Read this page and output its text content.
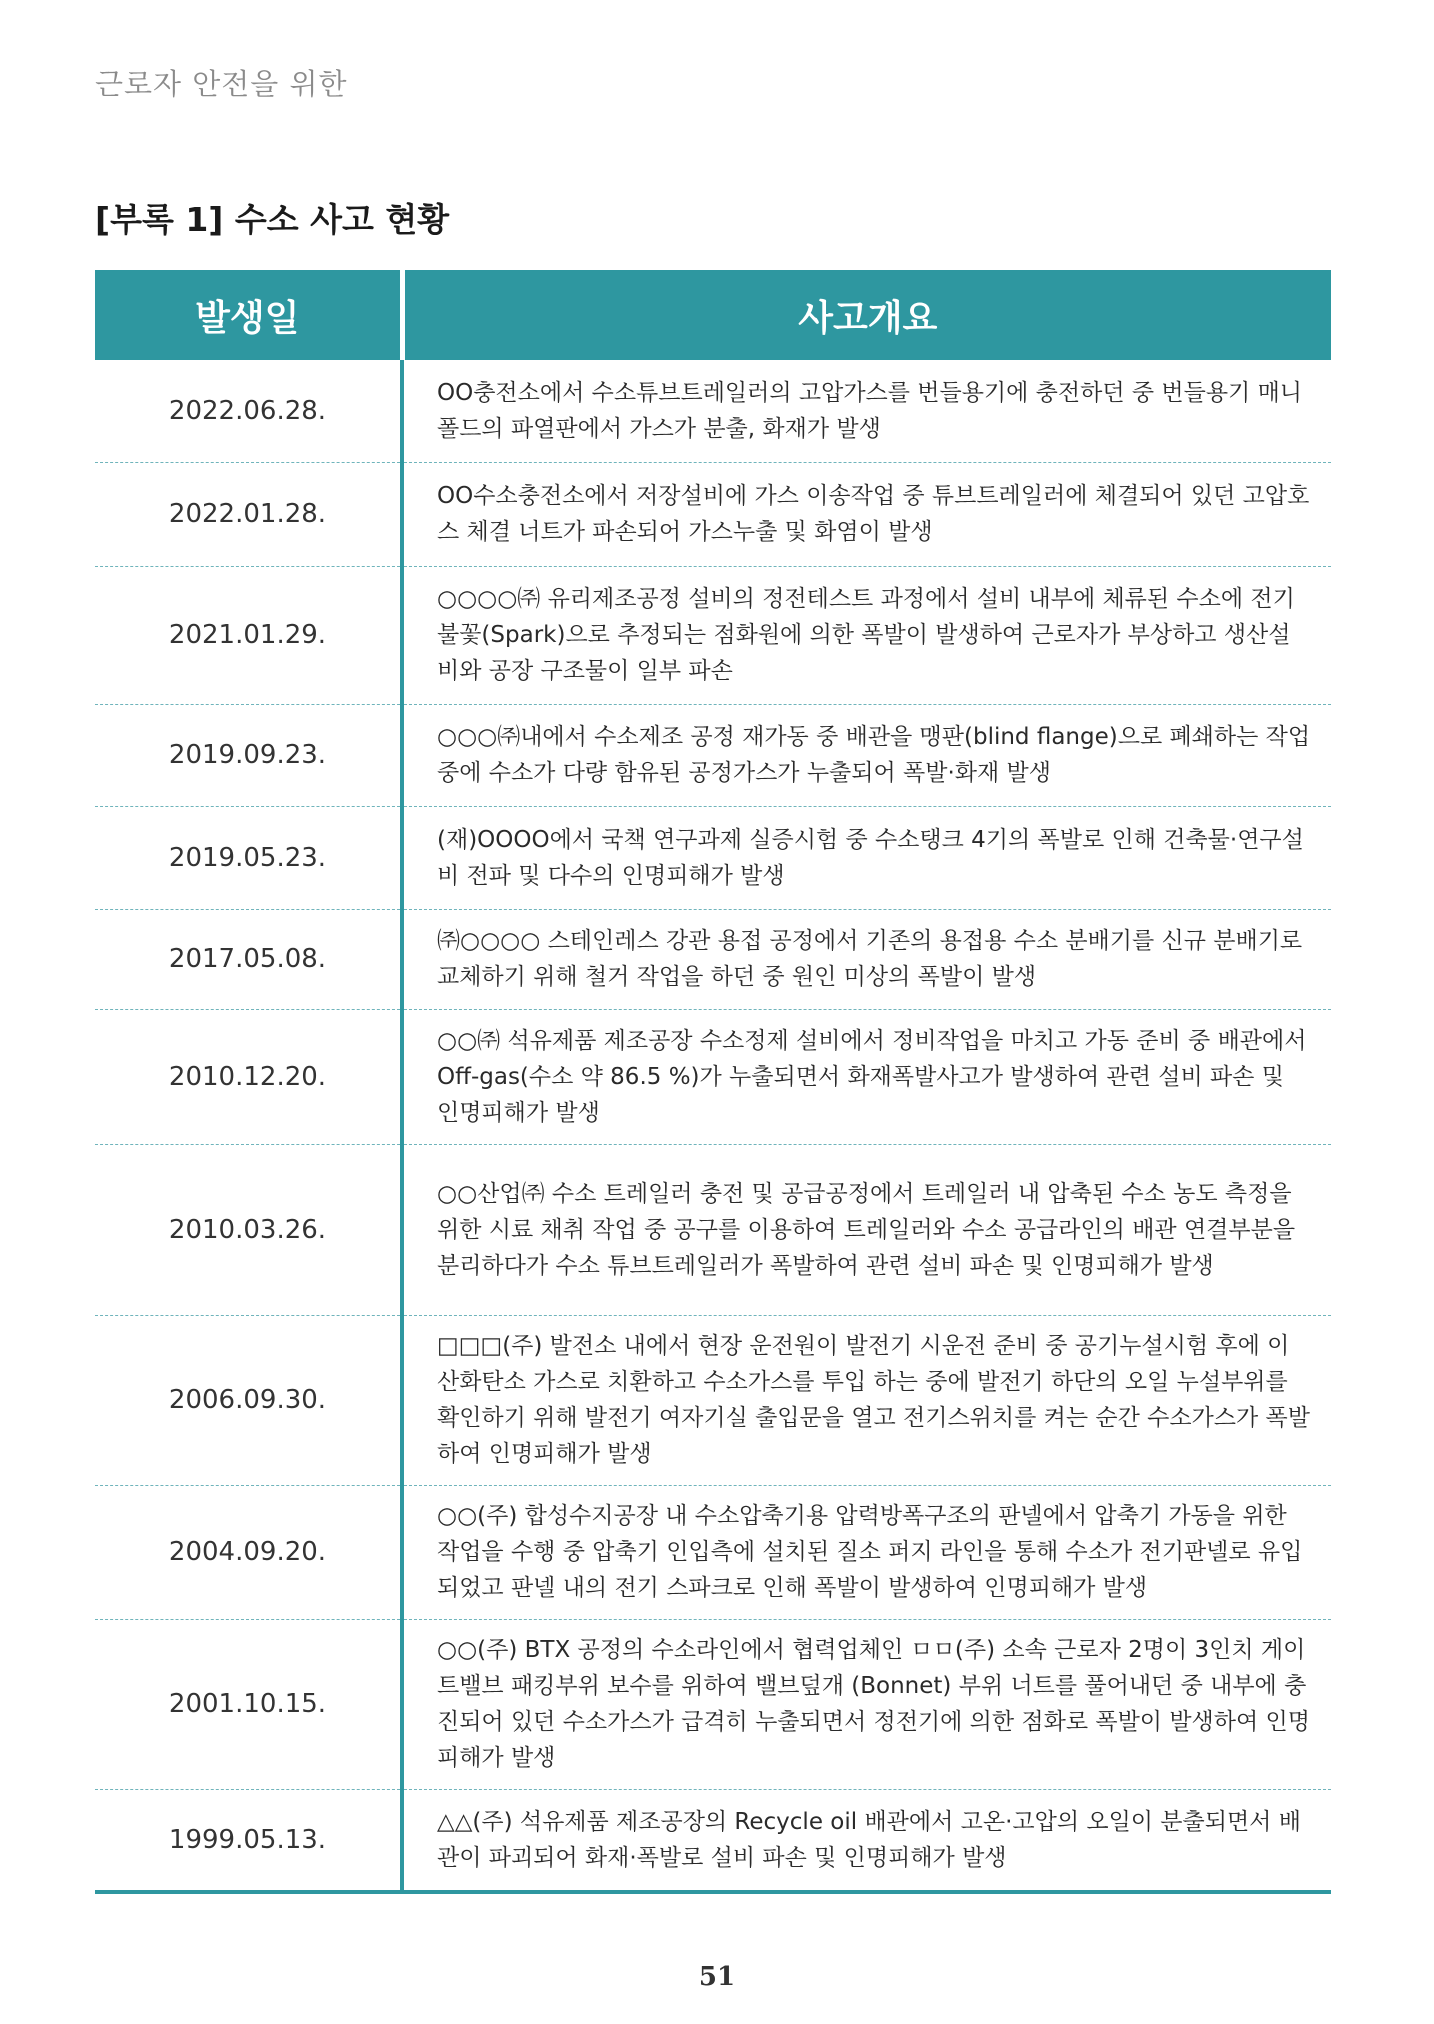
근로자 안전을 위한
[부록 1] 수소 사고 현황
발생일	사고개요
2022.06.28.	OO충전소에서 수소튜브트레일러의 고압가스를 번들용기에 충전하던 중 번들용기 매니폴드의 파열판에서 가스가 분출, 화재가 발생
2022.01.28.	OO수소충전소에서 저장설비에 가스 이송작업 중 튜브트레일러에 체결되어 있던 고압호스 체결 너트가 파손되어 가스누출 및 화염이 발생
2021.01.29.	○○○○㈜ 유리제조공정 설비의 정전테스트 과정에서 설비 내부에 체류된 수소에 전기 불꽃(Spark)으로 추정되는 점화원에 의한 폭발이 발생하여 근로자가 부상하고 생산설비와 공장 구조물이 일부 파손
2019.09.23.	○○○㈜내에서 수소제조 공정 재가동 중 배관을 맹판(blind flange)으로 폐쇄하는 작업 중에 수소가 다량 함유된 공정가스가 누출되어 폭발·화재 발생
2019.05.23.	(재)OOOO에서 국책 연구과제 실증시험 중 수소탱크 4기의 폭발로 인해 건축물·연구설비 전파 및 다수의 인명피해가 발생
2017.05.08.	㈜○○○○ 스테인레스 강관 용접 공정에서 기존의 용접용 수소 분배기를 신규 분배기로 교체하기 위해 철거 작업을 하던 중 원인 미상의 폭발이 발생
2010.12.20.	○○㈜ 석유제품 제조공장 수소정제 설비에서 정비작업을 마치고 가동 준비 중 배관에서 Off-gas(수소 약 86.5 %)가 누출되면서 화재폭발사고가 발생하여 관련 설비 파손 및 인명피해가 발생
2010.03.26.	○○산업㈜ 수소 트레일러 충전 및 공급공정에서 트레일러 내 압축된 수소 농도 측정을 위한 시료 채취 작업 중 공구를 이용하여 트레일러와 수소 공급라인의 배관 연결부분을 분리하다가 수소 튜브트레일러가 폭발하여 관련 설비 파손 및 인명피해가 발생
2006.09.30.	□□□(주) 발전소 내에서 현장 운전원이 발전기 시운전 준비 중 공기누설시험 후에 이산화탄소 가스로 치환하고 수소가스를 투입 하는 중에 발전기 하단의 오일 누설부위를 확인하기 위해 발전기 여자기실 출입문을 열고 전기스위치를 켜는 순간 수소가스가 폭발하여 인명피해가 발생
2004.09.20.	○○(주) 합성수지공장 내 수소압축기용 압력방폭구조의 판넬에서 압축기 가동을 위한 작업을 수행 중 압축기 인입측에 설치된 질소 퍼지 라인을 통해 수소가 전기판넬로 유입되었고 판넬 내의 전기 스파크로 인해 폭발이 발생하여 인명피해가 발생
2001.10.15.	○○(주) BTX 공정의 수소라인에서 협력업체인 ㅁㅁ(주) 소속 근로자 2명이 3인치 게이트밸브 패킹부위 보수를 위하여 밸브덮개 (Bonnet) 부위 너트를 풀어내던 중 내부에 충진되어 있던 수소가스가 급격히 누출되면서 정전기에 의한 점화로 폭발이 발생하여 인명피해가 발생
1999.05.13.	△△(주) 석유제품 제조공장의 Recycle oil 배관에서 고온·고압의 오일이 분출되면서 배관이 파괴되어 화재·폭발로 설비 파손 및 인명피해가 발생
51
